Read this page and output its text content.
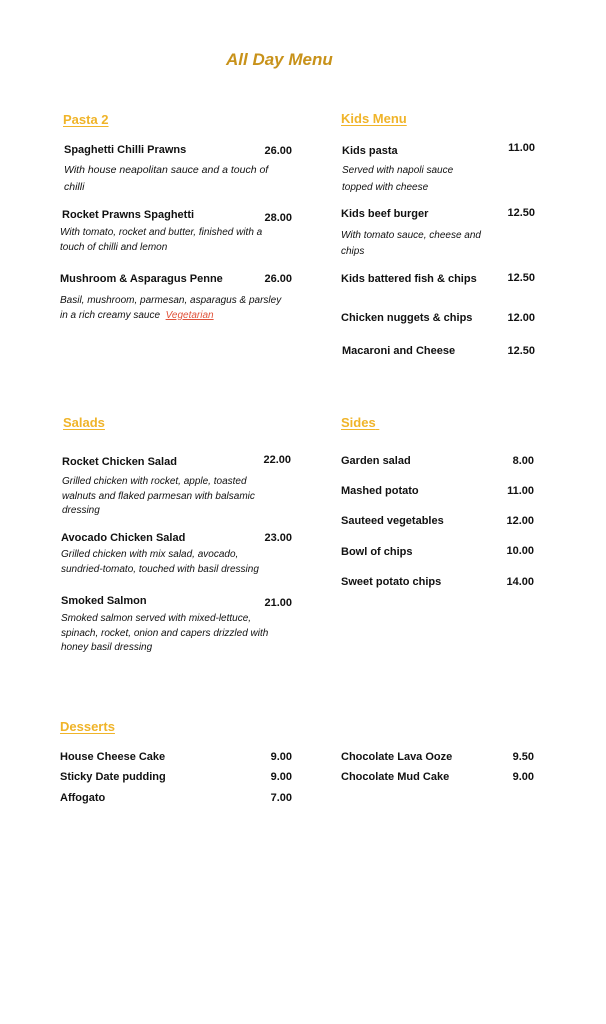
All Day Menu
Pasta 2
Spaghetti Chilli Prawns	26.00
With house neapolitan sauce and a touch of
chilli
Rocket Prawns Spaghetti	28.00
With tomato, rocket and butter, finished with a
touch of chilli and lemon
Mushroom & Asparagus Penne	26.00
Basil, mushroom, parmesan, asparagus & parsley
in a rich creamy sauce Vegetarian
Kids Menu
Kids pasta	11.00
Served with napoli sauce
topped with cheese
Kids beef burger	12.50
With tomato sauce, cheese and
chips
Kids battered fish & chips	12.50
Chicken nuggets & chips	12.00
Macaroni and Cheese	12.50
Salads
Rocket Chicken Salad	22.00
Grilled chicken with rocket, apple, toasted
walnuts and flaked parmesan with balsamic
dressing
Avocado Chicken Salad	23.00
Grilled chicken with mix salad, avocado,
sundried-tomato, touched with basil dressing
Smoked Salmon	21.00
Smoked salmon served with mixed-lettuce,
spinach, rocket, onion and capers drizzled with
honey basil dressing
Sides
Garden salad	8.00
Mashed potato	11.00
Sauteed vegetables	12.00
Bowl of chips	10.00
Sweet potato chips	14.00
Desserts
House Cheese Cake	9.00
Sticky Date pudding	9.00
Affogato	7.00
Chocolate Lava Ooze	9.50
Chocolate Mud Cake	9.00
